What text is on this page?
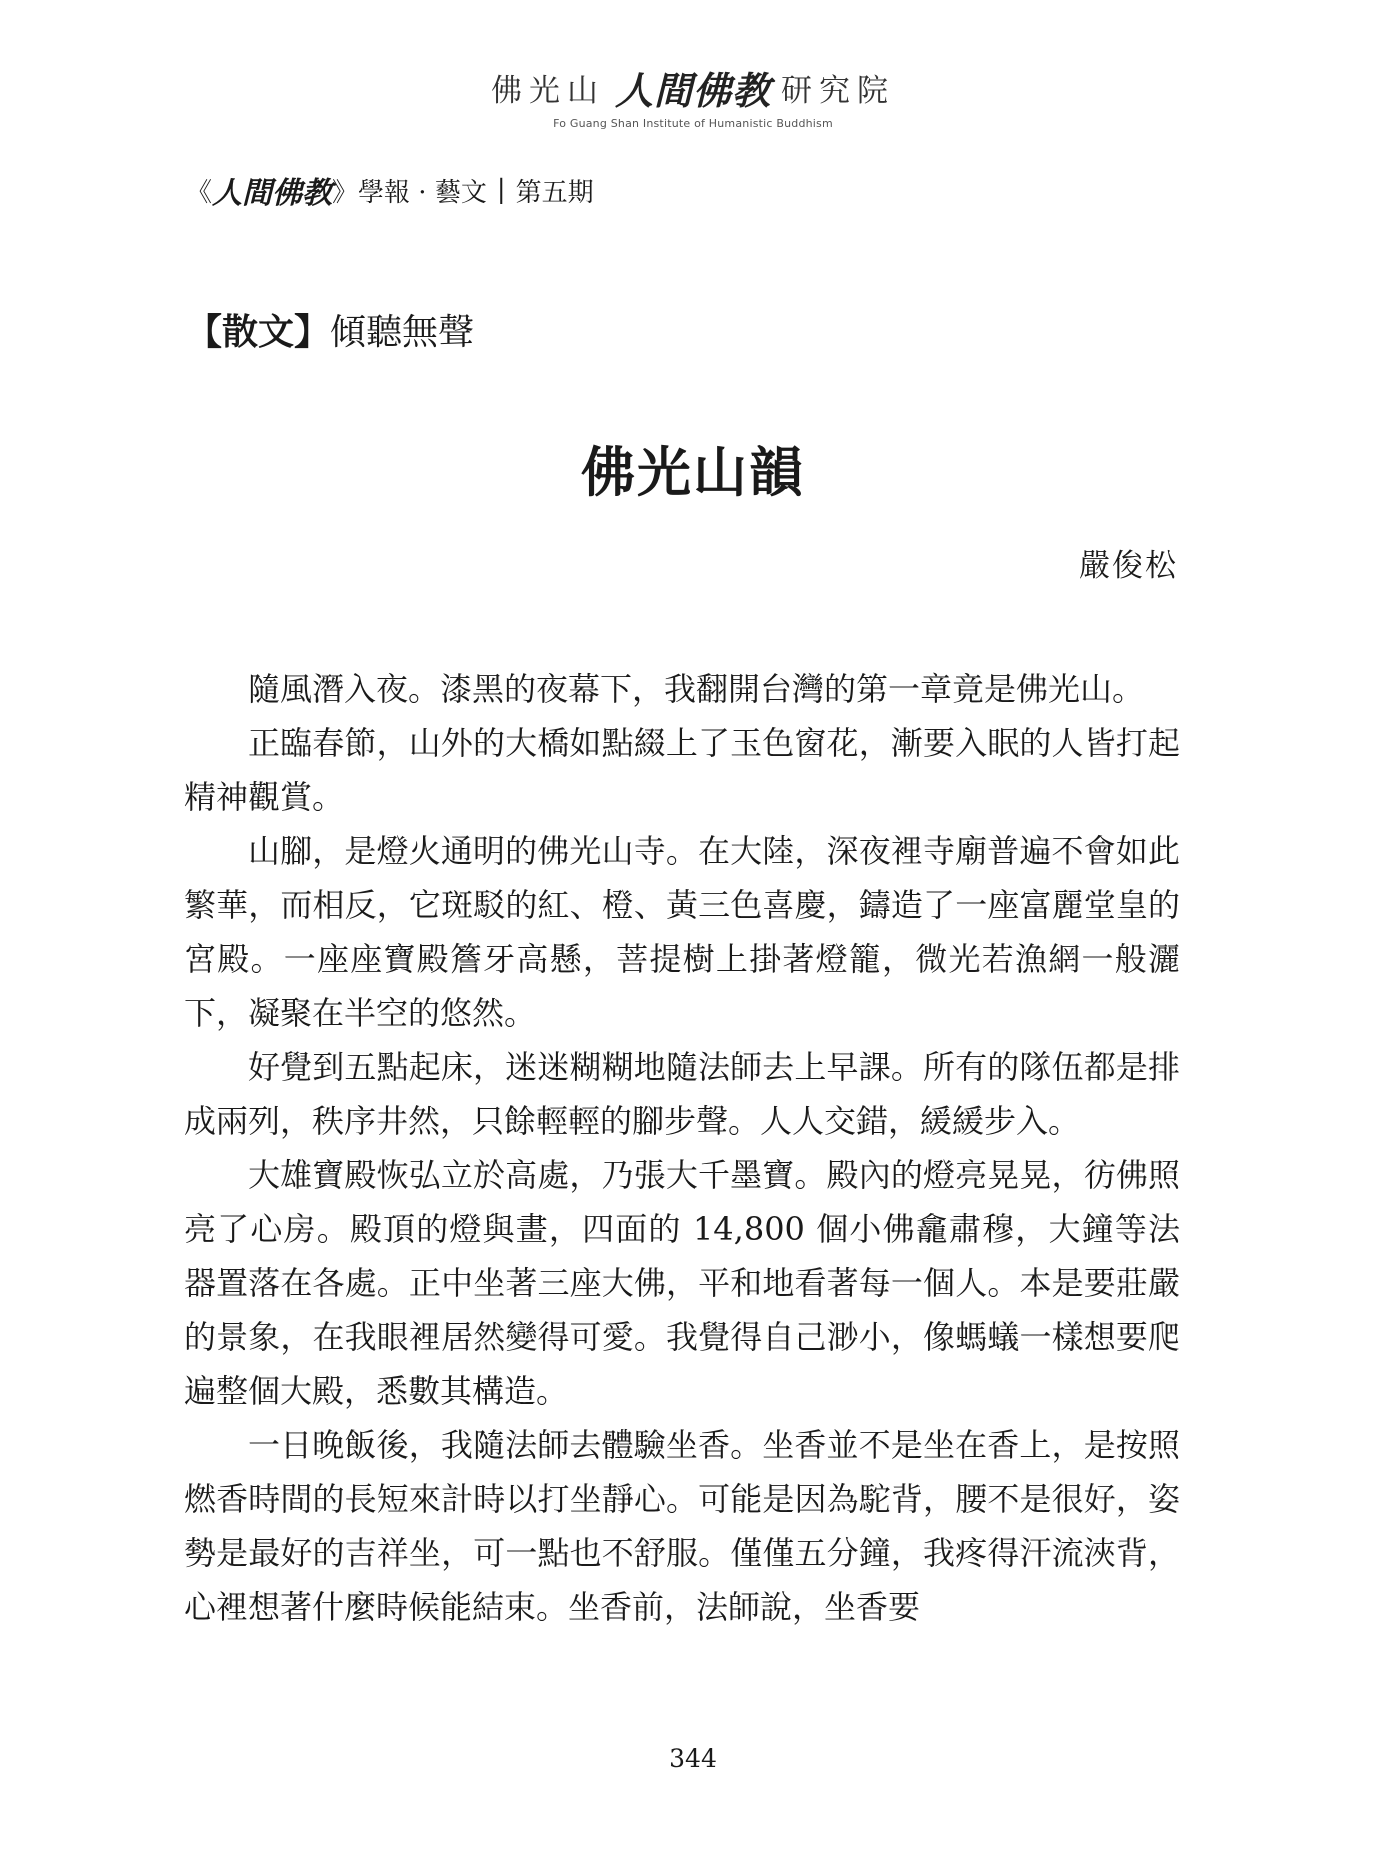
佛光山 人間佛教 研究院
Fo Guang Shan Institute of Humanistic Buddhism
《 人間佛教 》 學報 · 藝文 | 第五期
【散文】傾聽無聲
佛光山韻
嚴俊松

隨風潛入夜。漆黑的夜幕下，我翻開台灣的第一章竟是佛光山。

正臨春節，山外的大橋如點綴上了玉色窗花，漸要入眠的人皆打起精神觀賞。

山腳，是燈火通明的佛光山寺。在大陸，深夜裡寺廟普遍不會如此繁華，而相反，它斑駁的紅、橙、黃三色喜慶，鑄造了一座富麗堂皇的宮殿。一座座寶殿簷牙高懸，菩提樹上掛著燈籠，微光若漁網一般灑下，凝聚在半空的悠然。

好覺到五點起床，迷迷糊糊地隨法師去上早課。所有的隊伍都是排成兩列，秩序井然，只餘輕輕的腳步聲。人人交錯，緩緩步入。

大雄寶殿恢弘立於高處，乃張大千墨寶。殿內的燈亮晃晃，彷佛照亮了心房。殿頂的燈與畫，四面的 14,800 個小佛龕肅穆，大鐘等法器置落在各處。正中坐著三座大佛，平和地看著每一個人。本是要莊嚴的景象，在我眼裡居然變得可愛。我覺得自己渺小，像螞蟻一樣想要爬遍整個大殿，悉數其構造。

一日晚飯後，我隨法師去體驗坐香。坐香並不是坐在香上，是按照燃香時間的長短來計時以打坐靜心。可能是因為駝背，腰不是很好，姿勢是最好的吉祥坐，可一點也不舒服。僅僅五分鐘，我疼得汗流浹背，心裡想著什麼時候能結束。坐香前，法師說，坐香要

344
